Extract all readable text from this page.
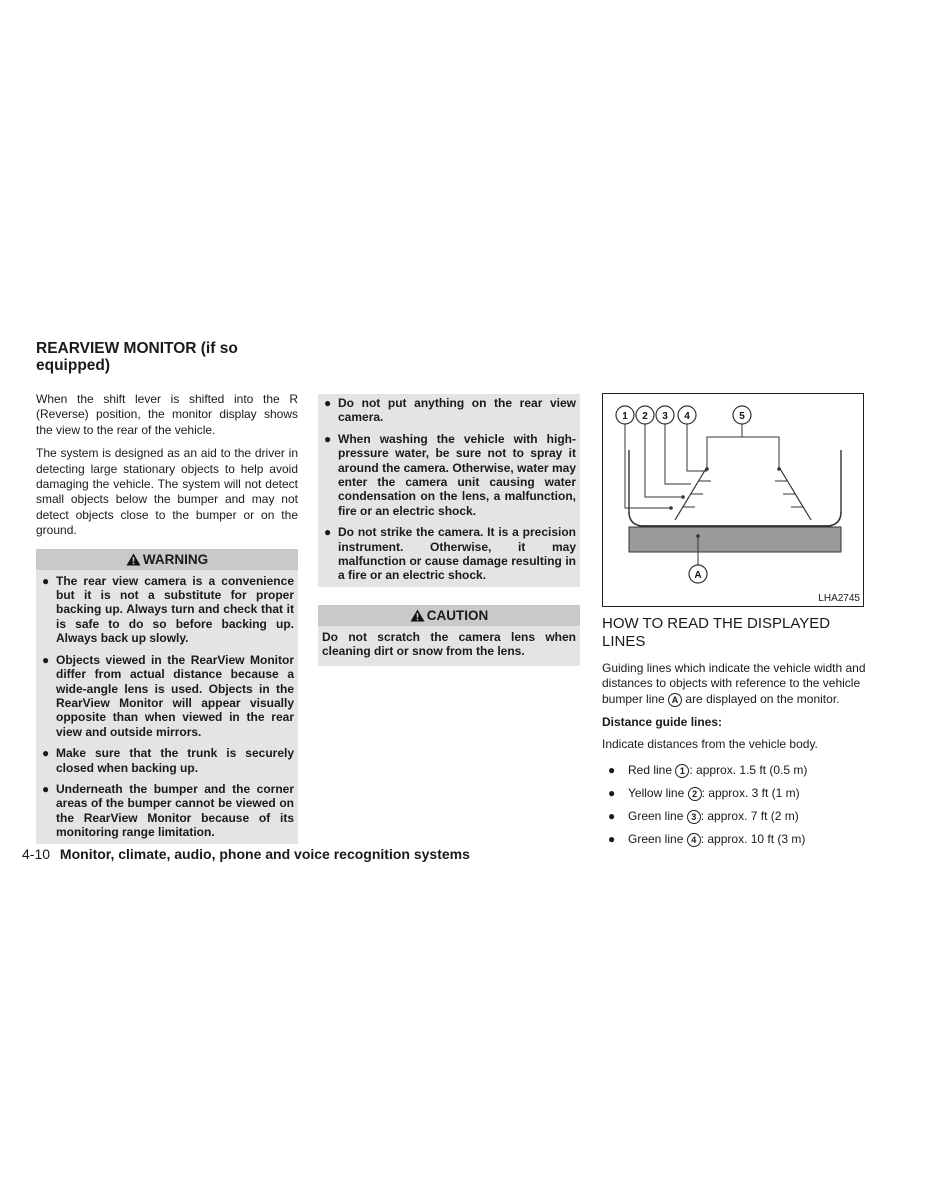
REARVIEW MONITOR (if so
equipped)

When the shift lever is shifted into the R (Reverse) position, the monitor display shows the view to the rear of the vehicle.

The system is designed as an aid to the driver in detecting large stationary objects to help avoid damaging the vehicle. The system will not detect small objects below the bumper and may not detect objects close to the bumper or on the ground.

WARNING
● The rear view camera is a convenience but it is not a substitute for proper backing up. Always turn and check that it is safe to do so before backing up. Always back up slowly.
● Objects viewed in the RearView Monitor differ from actual distance because a wide-angle lens is used. Objects in the RearView Monitor will appear visually opposite than when viewed in the rear view and outside mirrors.
● Make sure that the trunk is securely closed when backing up.
● Underneath the bumper and the corner areas of the bumper cannot be viewed on the RearView Monitor because of its monitoring range limitation.
● Do not put anything on the rear view camera.
● When washing the vehicle with high-pressure water, be sure not to spray it around the camera. Otherwise, water may enter the camera unit causing water condensation on the lens, a malfunction, fire or an electric shock.
● Do not strike the camera. It is a precision instrument. Otherwise, it may malfunction or cause damage resulting in a fire or an electric shock.
CAUTION
Do not scratch the camera lens when cleaning dirt or snow from the lens.
1 2 3 4	5
A
LHA2745
HOW TO READ THE DISPLAYED LINES

Guiding lines which indicate the vehicle width and distances to objects with reference to the vehicle bumper line A are displayed on the monitor.

Distance guide lines:

Indicate distances from the vehicle body.

● Red line 1 : approx. 1.5 ft (0.5 m)
● Yellow line 2 : approx. 3 ft (1 m)
● Green line 3 : approx. 7 ft (2 m)
● Green line 4 : approx. 10 ft (3 m)
4-10 Monitor, climate, audio, phone and voice recognition systems
